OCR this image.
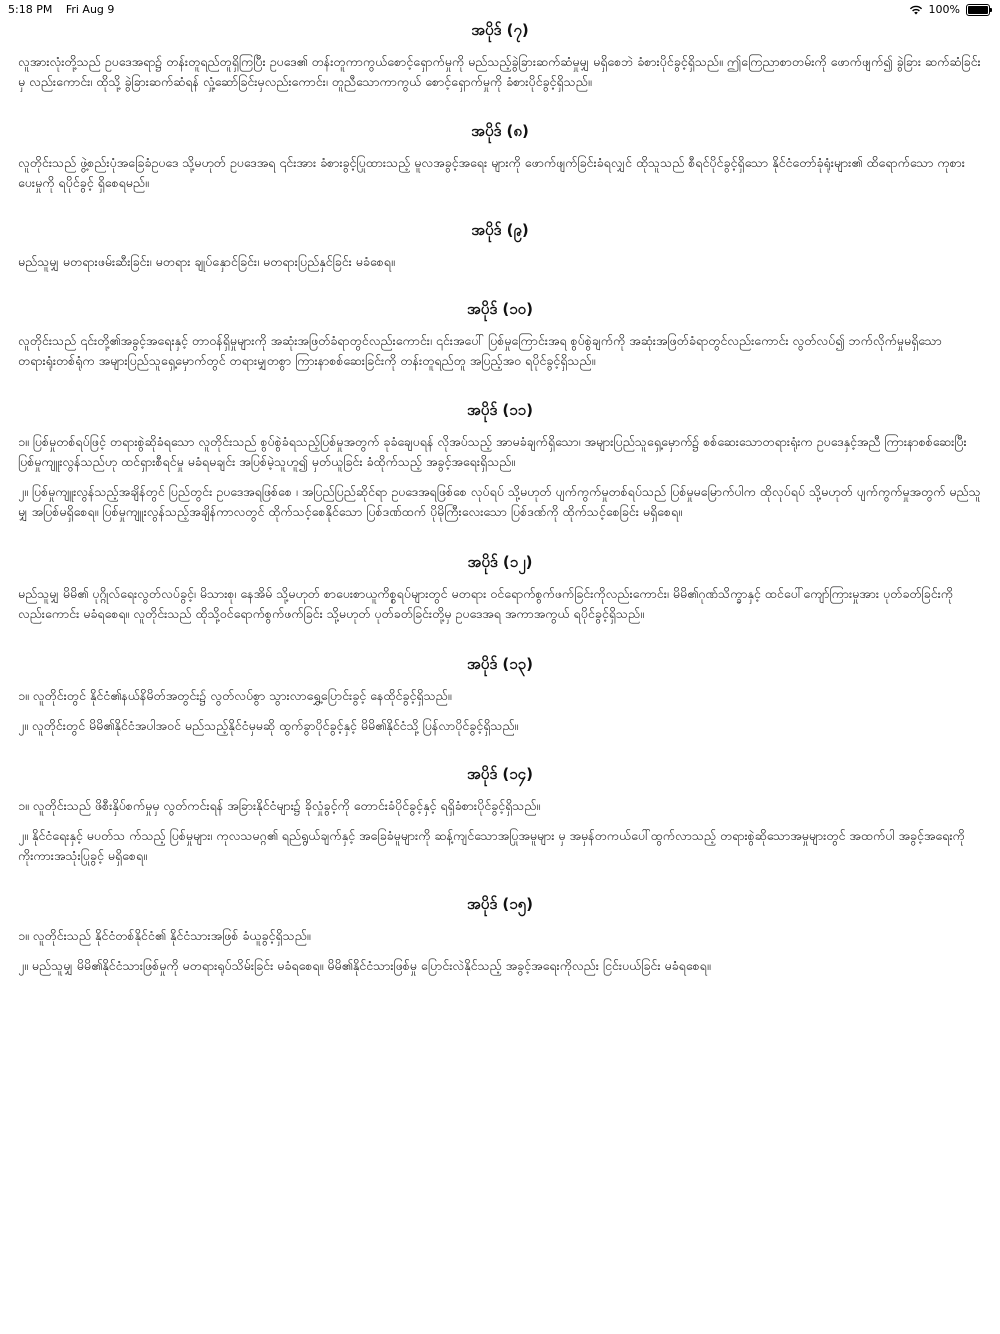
5:18 PM Fri Aug 9	100%
အပိုဒ် (၇)

လူအားလုံးတို့သည် ဥပဒေအရာ၌ တန်းတူရည်တူရှိကြပြီး ဥပဒေ၏ တန်းတူကာကွယ်စောင့်ရှောက်မှုကို မည်သည့်ခွဲခြားဆက်ဆံမှုမျှ မရှိစေဘဲ ခံစားပိုင်ခွင့်ရှိသည်။ ဤကြေညာစာတမ်းကို ဖောက်ဖျက်၍ ခွဲခြား ဆက်ဆံခြင်းမှ လည်းကောင်း၊ ထိုသို့ ခွဲခြားဆက်ဆံရန် လှုံ့ဆော်ခြင်းမှလည်းကောင်း၊ တူညီသောကာကွယ် စောင့်ရှောက်မှုကို ခံစားပိုင်ခွင့်ရှိသည်။

အပိုဒ် (၈)

လူတိုင်းသည် ဖွဲ့စည်းပုံအခြေခံဥပဒေ သို့မဟုတ် ဥပဒေအရ ၎င်းအား ခံစားခွင့်ပြုထားသည့် မူလအခွင့်အရေး များကို ဖောက်ဖျက်ခြင်းခံရလျှင် ထိုသူသည် စီရင်ပိုင်ခွင့်ရှိသော နိုင်ငံတော်ခုံရုံးများ၏ ထိရောက်သော ကုစားပေးမှုကို ရပိုင်ခွင့် ရှိစေရမည်။

အပိုဒ် (၉)

မည်သူမျှ မတရားဖမ်းဆီးခြင်း၊ မတရား ချုပ်နှောင်ခြင်း၊ မတရားပြည်နှင်ခြင်း မခံစေရ။

အပိုဒ် (၁၀)

လူတိုင်းသည် ၎င်းတို့၏အခွင့်အရေးနှင့် တာဝန်ရှိမှုများကို အဆုံးအဖြတ်ခံရာတွင်လည်းကောင်း၊ ၎င်းအပေါ် ပြစ်မှုကြောင်းအရ စွပ်စွဲချက်ကို အဆုံးအဖြတ်ခံရာတွင်လည်းကောင်း လွတ်လပ်၍ ဘက်လိုက်မှုမရှိသော တရားရုံးတစ်ရုံက အများပြည်သူရှေ့မှောက်တွင် တရားမျှတစွာ ကြားနာစစ်ဆေးခြင်းကို တန်းတူရည်တူ အပြည့်အဝ ရပိုင်ခွင့်ရှိသည်။

အပိုဒ် (၁၁)

၁။ ပြစ်မှုတစ်ရပ်ဖြင့် တရားစွဲဆိုခံရသော လူတိုင်းသည် စွပ်စွဲခံရသည့်ပြစ်မှုအတွက် ခုခံချေပရန် လိုအပ်သည့် အာမခံချက်ရှိသော၊ အများပြည်သူရှေ့မှောက်၌ စစ်ဆေးသောတရားရုံးက ဥပဒေနှင့်အညီ ကြားနာစစ်ဆေးပြီး ပြစ်မှုကျူးလွန်သည်ဟု ထင်ရှားစီရင်မှု မခံရမချင်း အပြစ်မဲ့သူဟူ၍ မှတ်ယူခြင်း ခံထိုက်သည့် အခွင့်အရေးရှိသည်။

၂။ ပြစ်မှုကျူးလွန်သည့်အချိန်တွင် ပြည်တွင်း ဥပဒေအရဖြစ်စေ ၊ အပြည်ပြည်ဆိုင်ရာ ဥပဒေအရဖြစ်စေ လုပ်ရပ် သို့မဟုတ် ပျက်ကွက်မှုတစ်ရပ်သည် ပြစ်မှုမမြောက်ပါက ထိုလုပ်ရပ် သို့မဟုတ် ပျက်ကွက်မှုအတွက် မည်သူမျှ အပြစ်မရှိစေရ။ ပြစ်မှုကျူးလွန်သည့်အချိန်ကာလတွင် ထိုက်သင့်စေနိုင်သော ပြစ်ဒဏ်ထက် ပိုမိုကြီးလေးသော ပြစ်ဒဏ်ကို ထိုက်သင့်စေခြင်း မရှိစေရ။

အပိုဒ် (၁၂)

မည်သူမျှ မိမိ၏ ပုဂ္ဂိုလ်ရေးလွတ်လပ်ခွင့်၊ မိသားစု၊ နေအိမ် သို့မဟုတ် စာပေးစာယူကိစ္စရပ်များတွင် မတရား ဝင်ရောက်စွက်ဖက်ခြင်းကိုလည်းကောင်း၊ မိမိ၏ဂုဏ်သိက္ခာနှင့် ထင်ပေါ်ကျော်ကြားမှုအား ပုတ်ခတ်ခြင်းကို လည်းကောင်း မခံရစေရ။ လူတိုင်းသည် ထိုသို့ဝင်ရောက်စွက်ဖက်ခြင်း သို့မဟုတ် ပုတ်ခတ်ခြင်းတို့မှ ဥပဒေအရ အကာအကွယ် ရပိုင်ခွင့်ရှိသည်။

အပိုဒ် (၁၃)

၁။ လူတိုင်းတွင် နိုင်ငံ၏နယ်နိမိတ်အတွင်း၌ လွတ်လပ်စွာ သွားလာရွှေ့ပြောင်းခွင့် နေထိုင်ခွင့်ရှိသည်။

၂။ လူတိုင်းတွင် မိမိ၏နိုင်ငံအပါအဝင် မည်သည့်နိုင်ငံမှမဆို ထွက်ခွာပိုင်ခွင့်နှင့် မိမိ၏နိုင်ငံသို့ ပြန်လာပိုင်ခွင့်ရှိသည်။

အပိုဒ် (၁၄)

၁။ လူတိုင်းသည် ဖိစီးနှိပ်စက်မှုမှ လွတ်ကင်းရန် အခြားနိုင်ငံများ၌ ခိုလှုံခွင့်ကို တောင်းခံပိုင်ခွင့်နှင့် ရရှိခံစားပိုင်ခွင့်ရှိသည်။

၂။ နိုင်ငံရေးနှင့် မပတ်သ က်သည့် ပြစ်မှုများ၊ ကုလသမဂ္ဂ၏ ရည်ရွယ်ချက်နှင့် အခြေခံမူများကို ဆန့်ကျင်သောအပြုအမူများ မှ အမှန်တကယ်ပေါ်ထွက်လာသည့် တရားစွဲဆိုသောအမှုများတွင် အထက်ပါ အခွင့်အရေးကို ကိုးကားအသုံးပြုခွင့် မရှိစေရ။

အပိုဒ် (၁၅)

၁။ လူတိုင်းသည် နိုင်ငံတစ်နိုင်ငံ၏ နိုင်ငံသားအဖြစ် ခံယူခွင့်ရှိသည်။

၂။ မည်သူမျှ မိမိ၏နိုင်ငံသားဖြစ်မှုကို မတရားရုပ်သိမ်းခြင်း မခံရစေရ။ မိမိ၏နိုင်ငံသားဖြစ်မှု ပြောင်းလဲနိုင်သည့် အခွင့်အရေးကိုလည်း ငြင်းပယ်ခြင်း မခံရစေရ။
